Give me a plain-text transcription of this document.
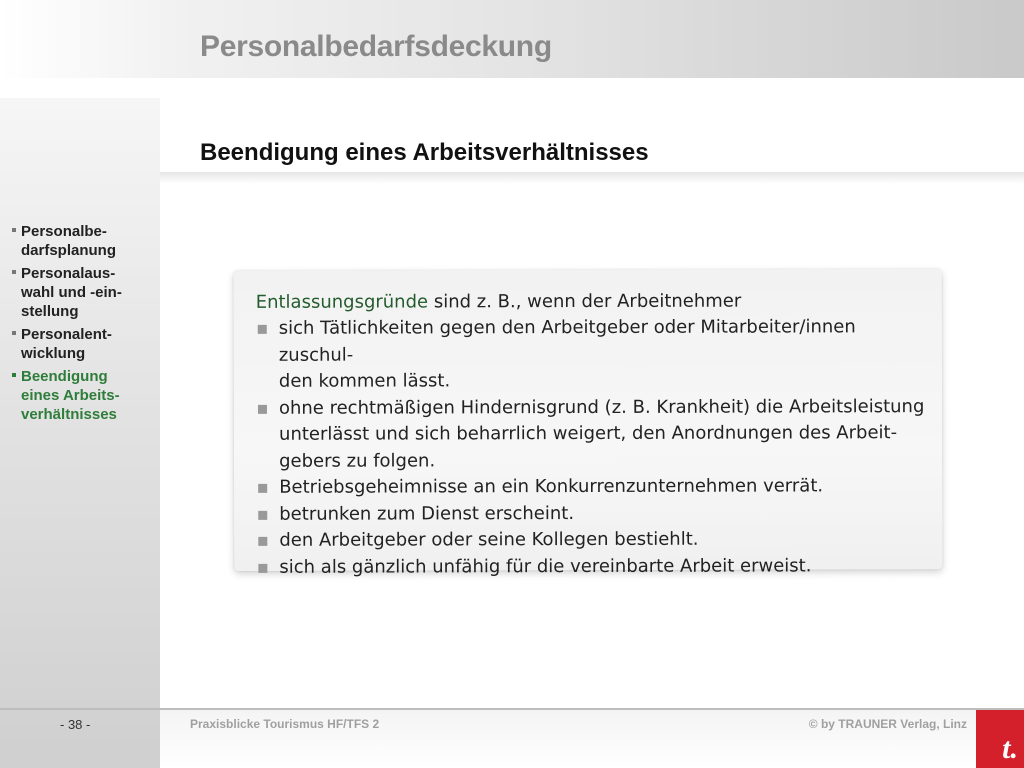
Personalbedarfsdeckung
Personalbe-
darfsplanung
Personalaus-
wahl und -ein-
stellung
Personalent-
wicklung
Beendigung
eines Arbeits-
verhältnisses
Beendigung eines Arbeitsverhältnisses

Entlassungsgründe sind z. B., wenn der Arbeitnehmer

sich Tätlichkeiten gegen den Arbeitgeber oder Mitarbeiter/innen zuschul-
den kommen lässt.
ohne rechtmäßigen Hindernisgrund (z. B. Krankheit) die Arbeitsleistung
unterlässt und sich beharrlich weigert, den Anordnungen des Arbeit-
gebers zu folgen.
Betriebsgeheimnisse an ein Konkurrenzunternehmen verrät.
betrunken zum Dienst erscheint.
den Arbeitgeber oder seine Kollegen bestiehlt.
sich als gänzlich unfähig für die vereinbarte Arbeit erweist.
- 38 -	Praxisblicke Tourismus HF/TFS 2	© by TRAUNER Verlag, Linz
t.
